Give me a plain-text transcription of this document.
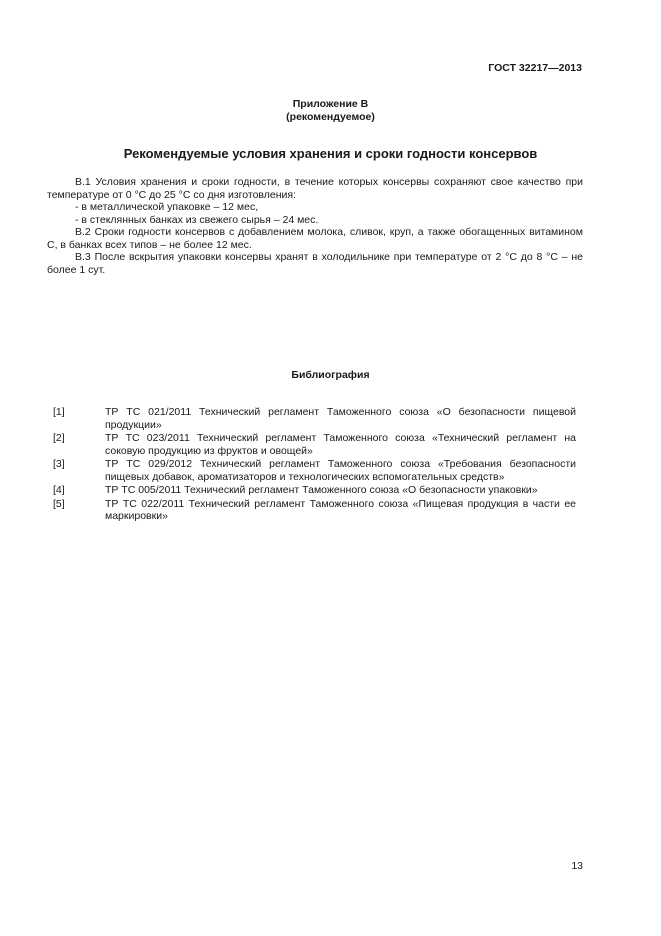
ГОСТ 32217—2013
Приложение В
(рекомендуемое)
Рекомендуемые условия хранения и сроки годности консервов

В.1 Условия хранения и сроки годности, в течение которых консервы сохраняют свое качество при температуре от 0 °С до 25 °С со дня изготовления:

- в металлической упаковке – 12 мес,

- в стеклянных банках из свежего сырья – 24 мес.

В.2 Сроки годности консервов с добавлением молока, сливок, круп, а также обогащенных витамином С, в банках всех типов – не более 12 мес.

В.3 После вскрытия упаковки консервы хранят в холодильнике при температуре от 2 °С до 8 °С – не более 1 сут.

Библиография
[1]	ТР ТС 021/2011 Технический регламент Таможенного союза «О безопасности пищевой продукции»
[2]	ТР ТС 023/2011 Технический регламент Таможенного союза «Технический регламент на соковую продукцию из фруктов и овощей»
[3]	ТР ТС 029/2012 Технический регламент Таможенного союза «Требования безопасности пищевых добавок, ароматизаторов и технологических вспомогательных средств»
[4]	ТР ТС 005/2011 Технический регламент Таможенного союза «О безопасности упаковки»
[5]	ТР ТС 022/2011 Технический регламент Таможенного союза «Пищевая продукция в части ее маркировки»
13
